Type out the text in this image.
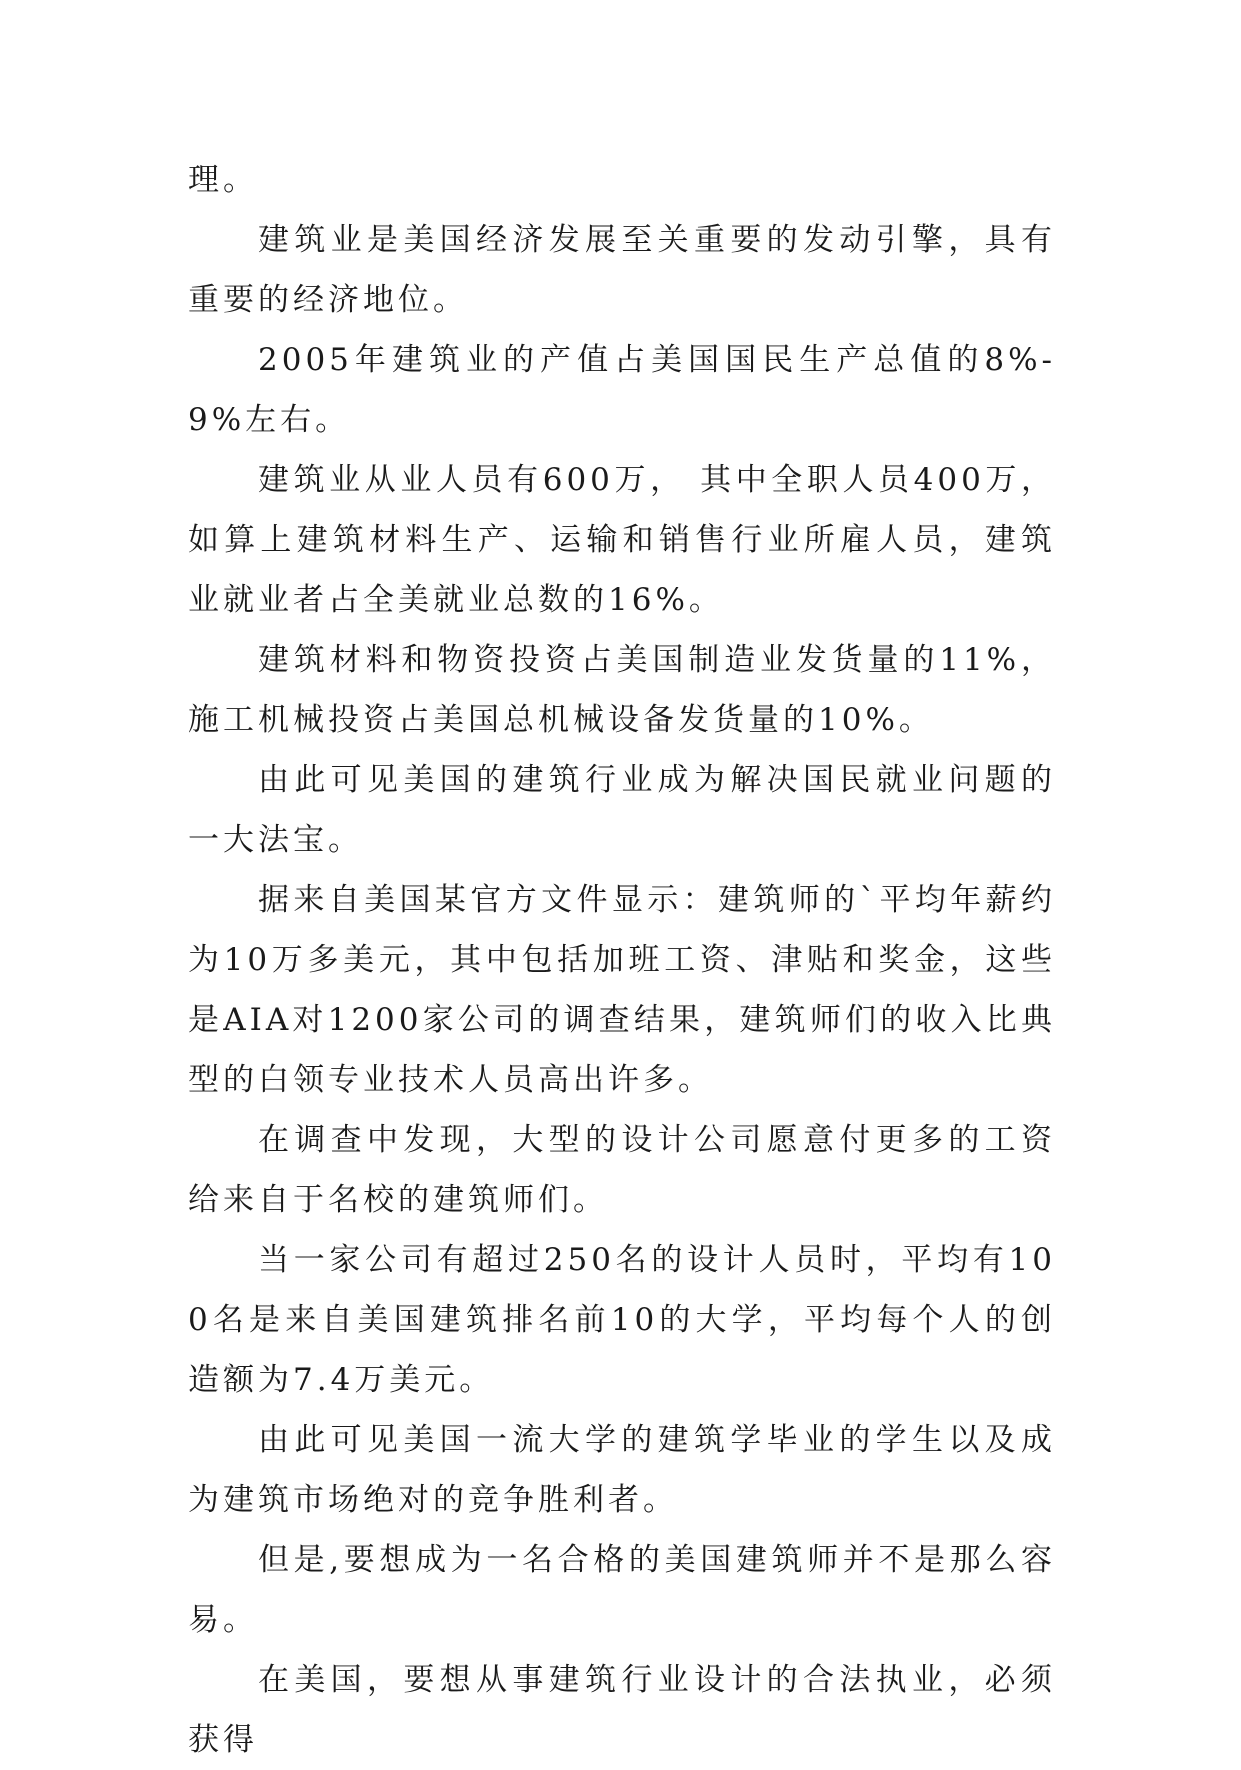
理。

建筑业是美国经济发展至关重要的发动引擎，具有重要的经济地位。

2005年建筑业的产值占美国国民生产总值的8%-9%左右。

建筑业从业人员有600万， 其中全职人员400万，如算上建筑材料生产、运输和销售行业所雇人员，建筑业就业者占全美就业总数的16%。

建筑材料和物资投资占美国制造业发货量的11%，施工机械投资占美国总机械设备发货量的10%。

由此可见美国的建筑行业成为解决国民就业问题的一大法宝。

据来自美国某官方文件显示：建筑师的`平均年薪约为10万多美元，其中包括加班工资、津贴和奖金，这些是AIA对1200家公司的调查结果，建筑师们的收入比典型的白领专业技术人员高出许多。

在调查中发现，大型的设计公司愿意付更多的工资给来自于名校的建筑师们。

当一家公司有超过250名的设计人员时，平均有100名是来自美国建筑排名前10的大学，平均每个人的创造额为7.4万美元。

由此可见美国一流大学的建筑学毕业的学生以及成为建筑市场绝对的竞争胜利者。

但是,要想成为一名合格的美国建筑师并不是那么容易。

在美国，要想从事建筑行业设计的合法执业，必须获得
